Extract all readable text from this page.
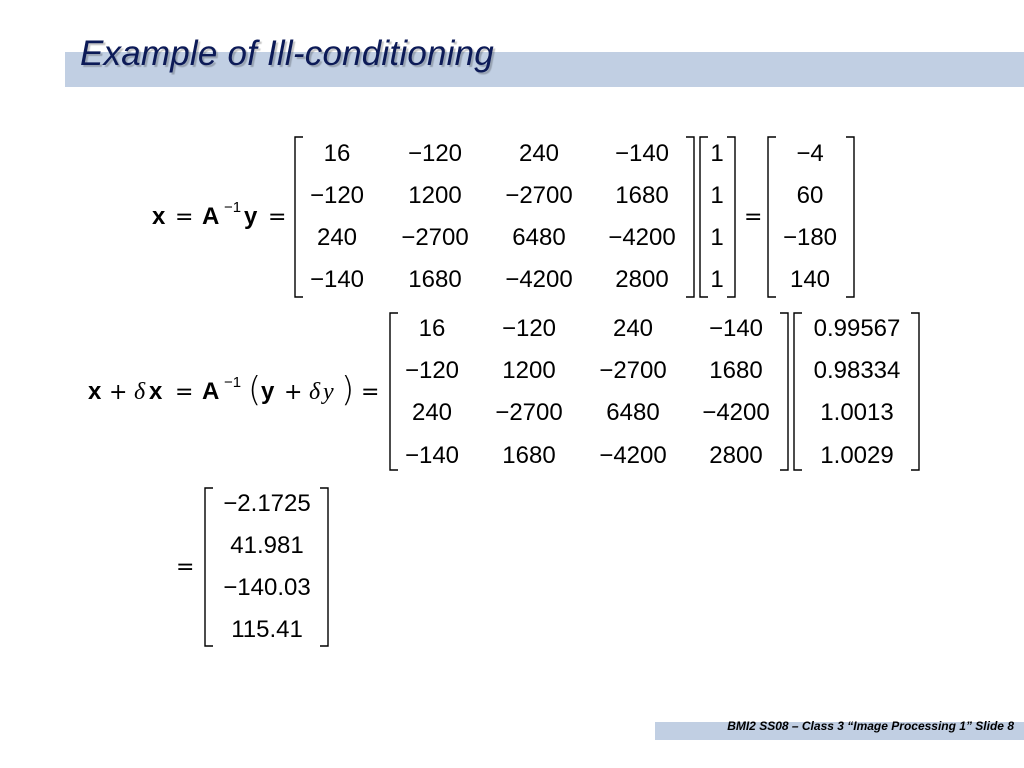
Example of Ill-conditioning
x = A −1 y =
16 −120 240 −140
−120 1200 −2700 1680
240 −2700 6480 −4200
−140 1680 −4200 2800
1
1
1
1
=
−4
60
−180
140
x + δ x = A −1 ( y + δ y ) =
16 −120 240 −140
−120 1200 −2700 1680
240 −2700 6480 −4200
−140 1680 −4200 2800
0.99567
0.98334
1.0013
1.0029
=
−2.1725
41.981
−140.03
115.41
BMI2 SS08 – Class 3 “Image Processing 1” Slide 8
